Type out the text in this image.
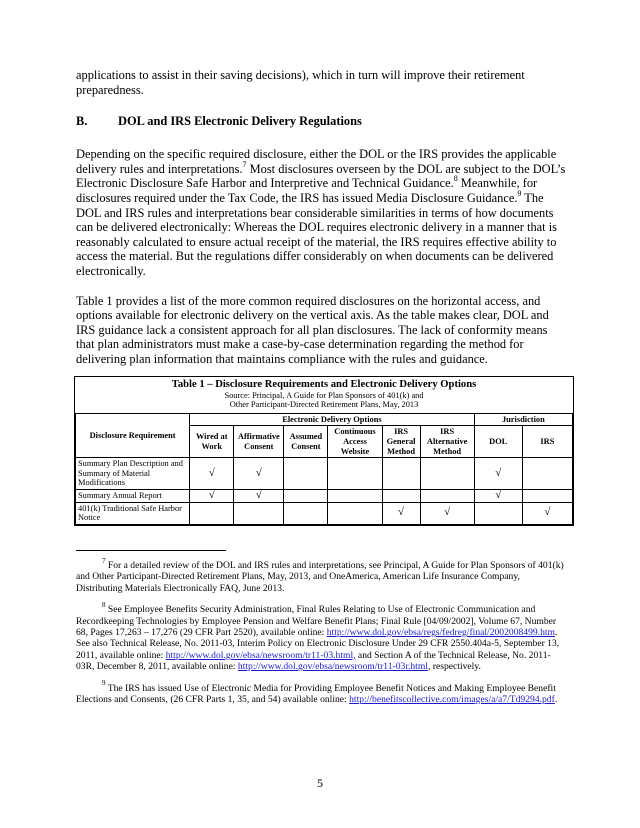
applications to assist in their saving decisions), which in turn will improve their retirement preparedness.

B.	DOL and IRS Electronic Delivery Regulations

Depending on the specific required disclosure, either the DOL or the IRS provides the applicable delivery rules and interpretations.$^7$ Most disclosures overseen by the DOL are subject to the DOL’s Electronic Disclosure Safe Harbor and Interpretive and Technical Guidance.$^8$ Meanwhile, for disclosures required under the Tax Code, the IRS has issued Media Disclosure Guidance.$^9$ The DOL and IRS rules and interpretations bear considerable similarities in terms of how documents can be delivered electronically: Whereas the DOL requires electronic delivery in a manner that is reasonably calculated to ensure actual receipt of the material, the IRS requires effective ability to access the material. But the regulations differ considerably on when documents can be delivered electronically.

Table 1 provides a list of the more common required disclosures on the horizontal access, and options available for electronic delivery on the vertical axis. As the table makes clear, DOL and IRS guidance lack a consistent approach for all plan disclosures. The lack of conformity means that plan administrators must make a case-by-case determination regarding the method for delivering plan information that maintains compliance with the rules and guidance.

Table 1 – Disclosure Requirements and Electronic Delivery Options
Source: Principal, A Guide for Plan Sponsors of 401(k) and
Other Participant-Directed Retirement Plans, May, 2013								

Disclosure Requirement	Electronic Delivery Options						Jurisdiction	
	Wired at Work	Affirmative Consent	Assumed Consent	Continuous Access Website	IRS General Method	IRS Alternative Method	DOL	IRS
Summary Plan Description and Summary of Material Modifications	√	√					√	
Summary Annual Report	√	√					√	
401(k) Traditional Safe Harbor Notice					√	√		√

$^7$ For a detailed review of the DOL and IRS rules and interpretations, see Principal, A Guide for Plan Sponsors of 401(k) and Other Participant-Directed Retirement Plans, May, 2013, and OneAmerica, American Life Insurance Company, Distributing Materials Electronically FAQ, June 2013.

$^8$ See Employee Benefits Security Administration, Final Rules Relating to Use of Electronic Communication and Recordkeeping Technologies by Employee Pension and Welfare Benefit Plans; Final Rule [04/09/2002], Volume 67, Number 68, Pages 17,263 – 17,276 (29 CFR Part 2520), available online: http://www.dol.gov/ebsa/regs/fedreg/final/2002008499.htm. See also Technical Release, No. 2011-03, Interim Policy on Electronic Disclosure Under 29 CFR 2550.404a-5, September 13, 2011, available online: http://www.dol.gov/ebsa/newsroom/tr11-03.html, and Section A of the Technical Release, No. 2011-03R, December 8, 2011, available online: http://www.dol.gov/ebsa/newsroom/tr11-03r.html, respectively.

$^9$ The IRS has issued Use of Electronic Media for Providing Employee Benefit Notices and Making Employee Benefit Elections and Consents, (26 CFR Parts 1, 35, and 54) available online: http://benefitscollective.com/images/a/a7/Td9294.pdf.

5
